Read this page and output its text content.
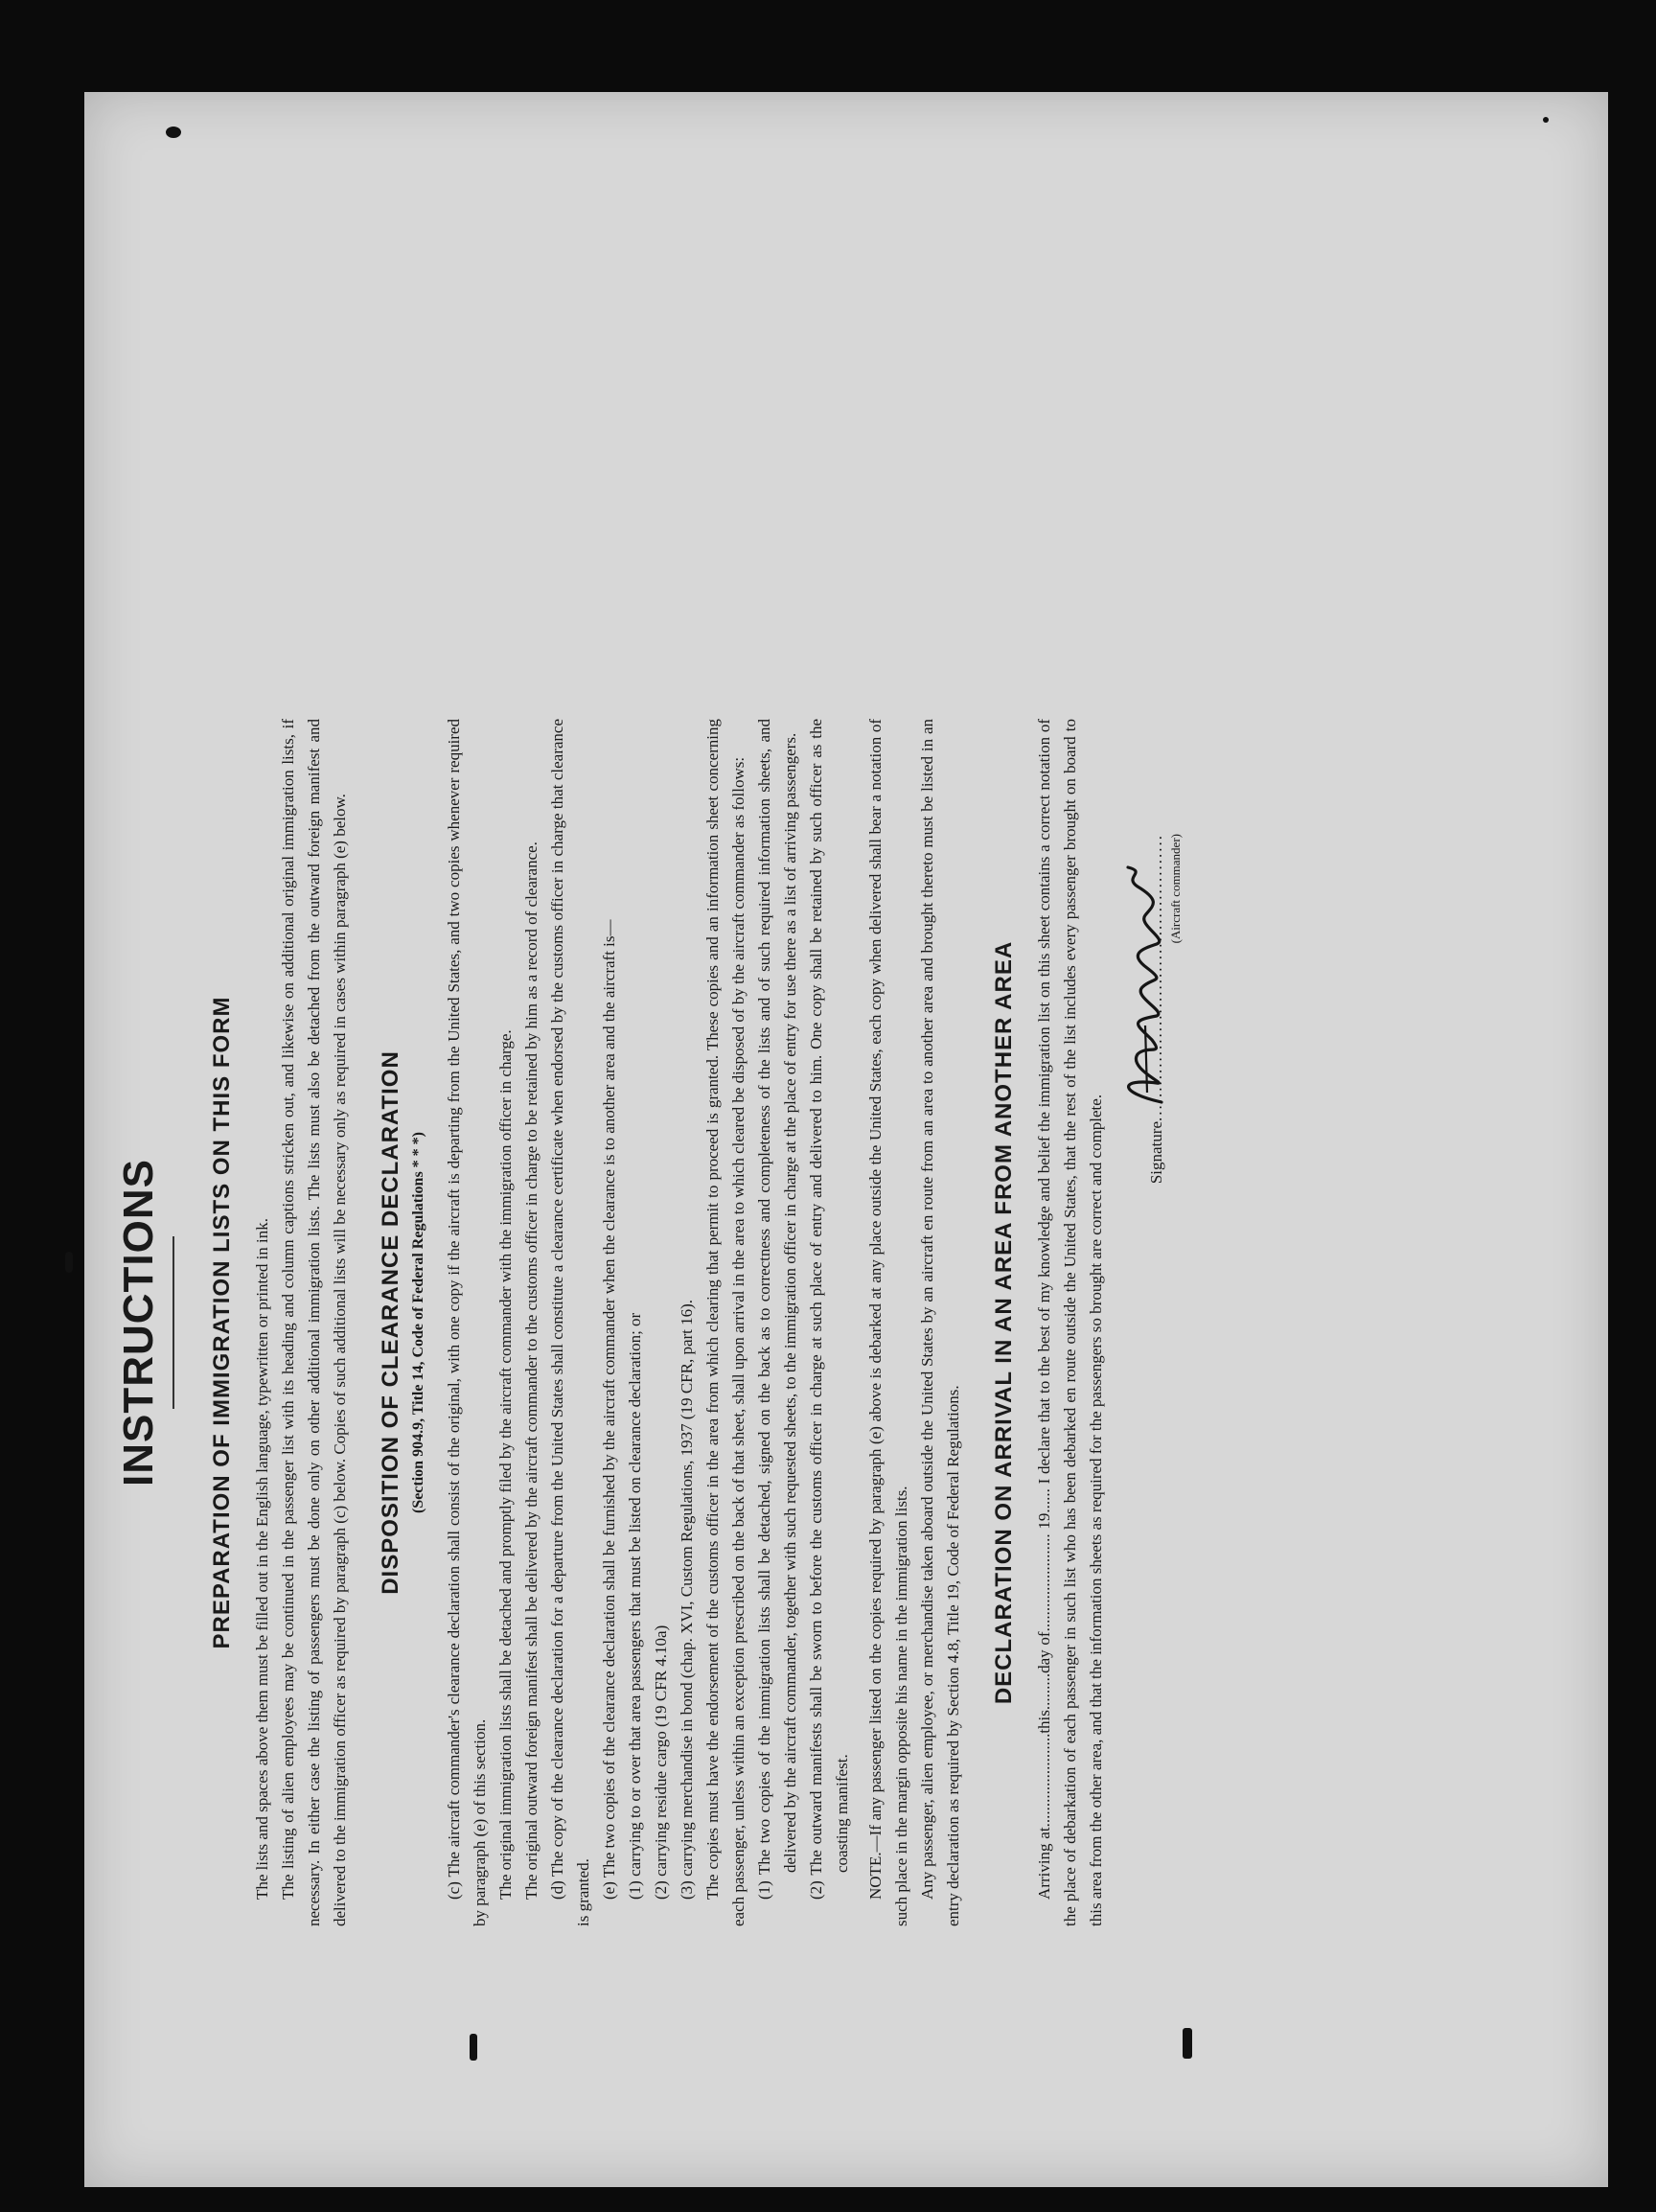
INSTRUCTIONS PREPARATION OF IMMIGRATION LISTS ON THIS FORM The lists and spaces above them must be filled out in the English language, typewritten or printed in ink. The listing of alien employees may be continued in the passenger list with its heading and column captions stricken out, and likewise on additional original immigration lists, if necessary. In either case the listing of passengers must be done only on other additional immigration lists. The lists must also be detached from the outward foreign manifest and delivered to the immigration officer as required by paragraph (c) below. Copies of such additional lists will be necessary only as required in cases within paragraph (e) below. DISPOSITION OF CLEARANCE DECLARATION (Section 904.9, Title 14, Code of Federal Regulations * * *) (c) The aircraft commander's clearance declaration shall consist of the original, with one copy if the aircraft is departing from the United States, and two copies whenever required by paragraph (e) of this section. The original immigration lists shall be detached and promptly filed by the aircraft commander with the immigration officer in charge. The original outward foreign manifest shall be delivered by the aircraft commander to the customs officer in charge to be retained by him as a record of clearance. (d) The copy of the clearance declaration for a departure from the United States shall constitute a clearance certificate when endorsed by the customs officer in charge that clearance is granted. (e) The two copies of the clearance declaration shall be furnished by the aircraft commander when the clearance is to another area and the aircraft is— (1) carrying to or over that area passengers that must be listed on clearance declaration; or (2) carrying residue cargo (19 CFR 4.10a) (3) carrying merchandise in bond (chap. XVI, Custom Regulations, 1937 (19 CFR, part 16). The copies must have the endorsement of the customs officer in the area from which clearing that permit to proceed is granted. These copies and an information sheet concerning each passenger, unless within an exception prescribed on the back of that sheet, shall upon arrival in the area to which cleared be disposed of by the aircraft commander as follows: (1) The two copies of the immigration lists shall be detached, signed on the back as to correctness and completeness of the lists and of such required information sheets, and delivered by the aircraft commander, together with such requested sheets, to the immigration officer in charge at the place of entry for use there as a list of arriving passengers. (2) The outward manifests shall be sworn to before the customs officer in charge at such place of entry and delivered to him. One copy shall be retained by such officer as the coasting manifest. NOTE.—If any passenger listed on the copies required by paragraph (e) above is debarked at any place outside the United States, each copy when delivered shall bear a notation of such place in the margin opposite his name in the immigration lists. Any passenger, alien employee, or merchandise taken aboard outside the United States by an aircraft en route from an area to another area and brought thereto must be listed in an entry declaration as required by Section 4.8, Title 19, Code of Federal Regulations. DECLARATION ON ARRIVAL IN AN AREA FROM ANOTHER AREA Arriving at.......................this.........day of........................ 19...... I declare that to the best of my knowledge and belief the immigration list on this sheet contains a correct notation of the place of debarkation of each passenger in such list who has been debarked en route outside the United States, that the rest of the list includes every passenger brought on board to this area from the other area, and that the information sheets as required for the passengers so brought are correct and complete.	Signature................................................ (Aircraft commander)
